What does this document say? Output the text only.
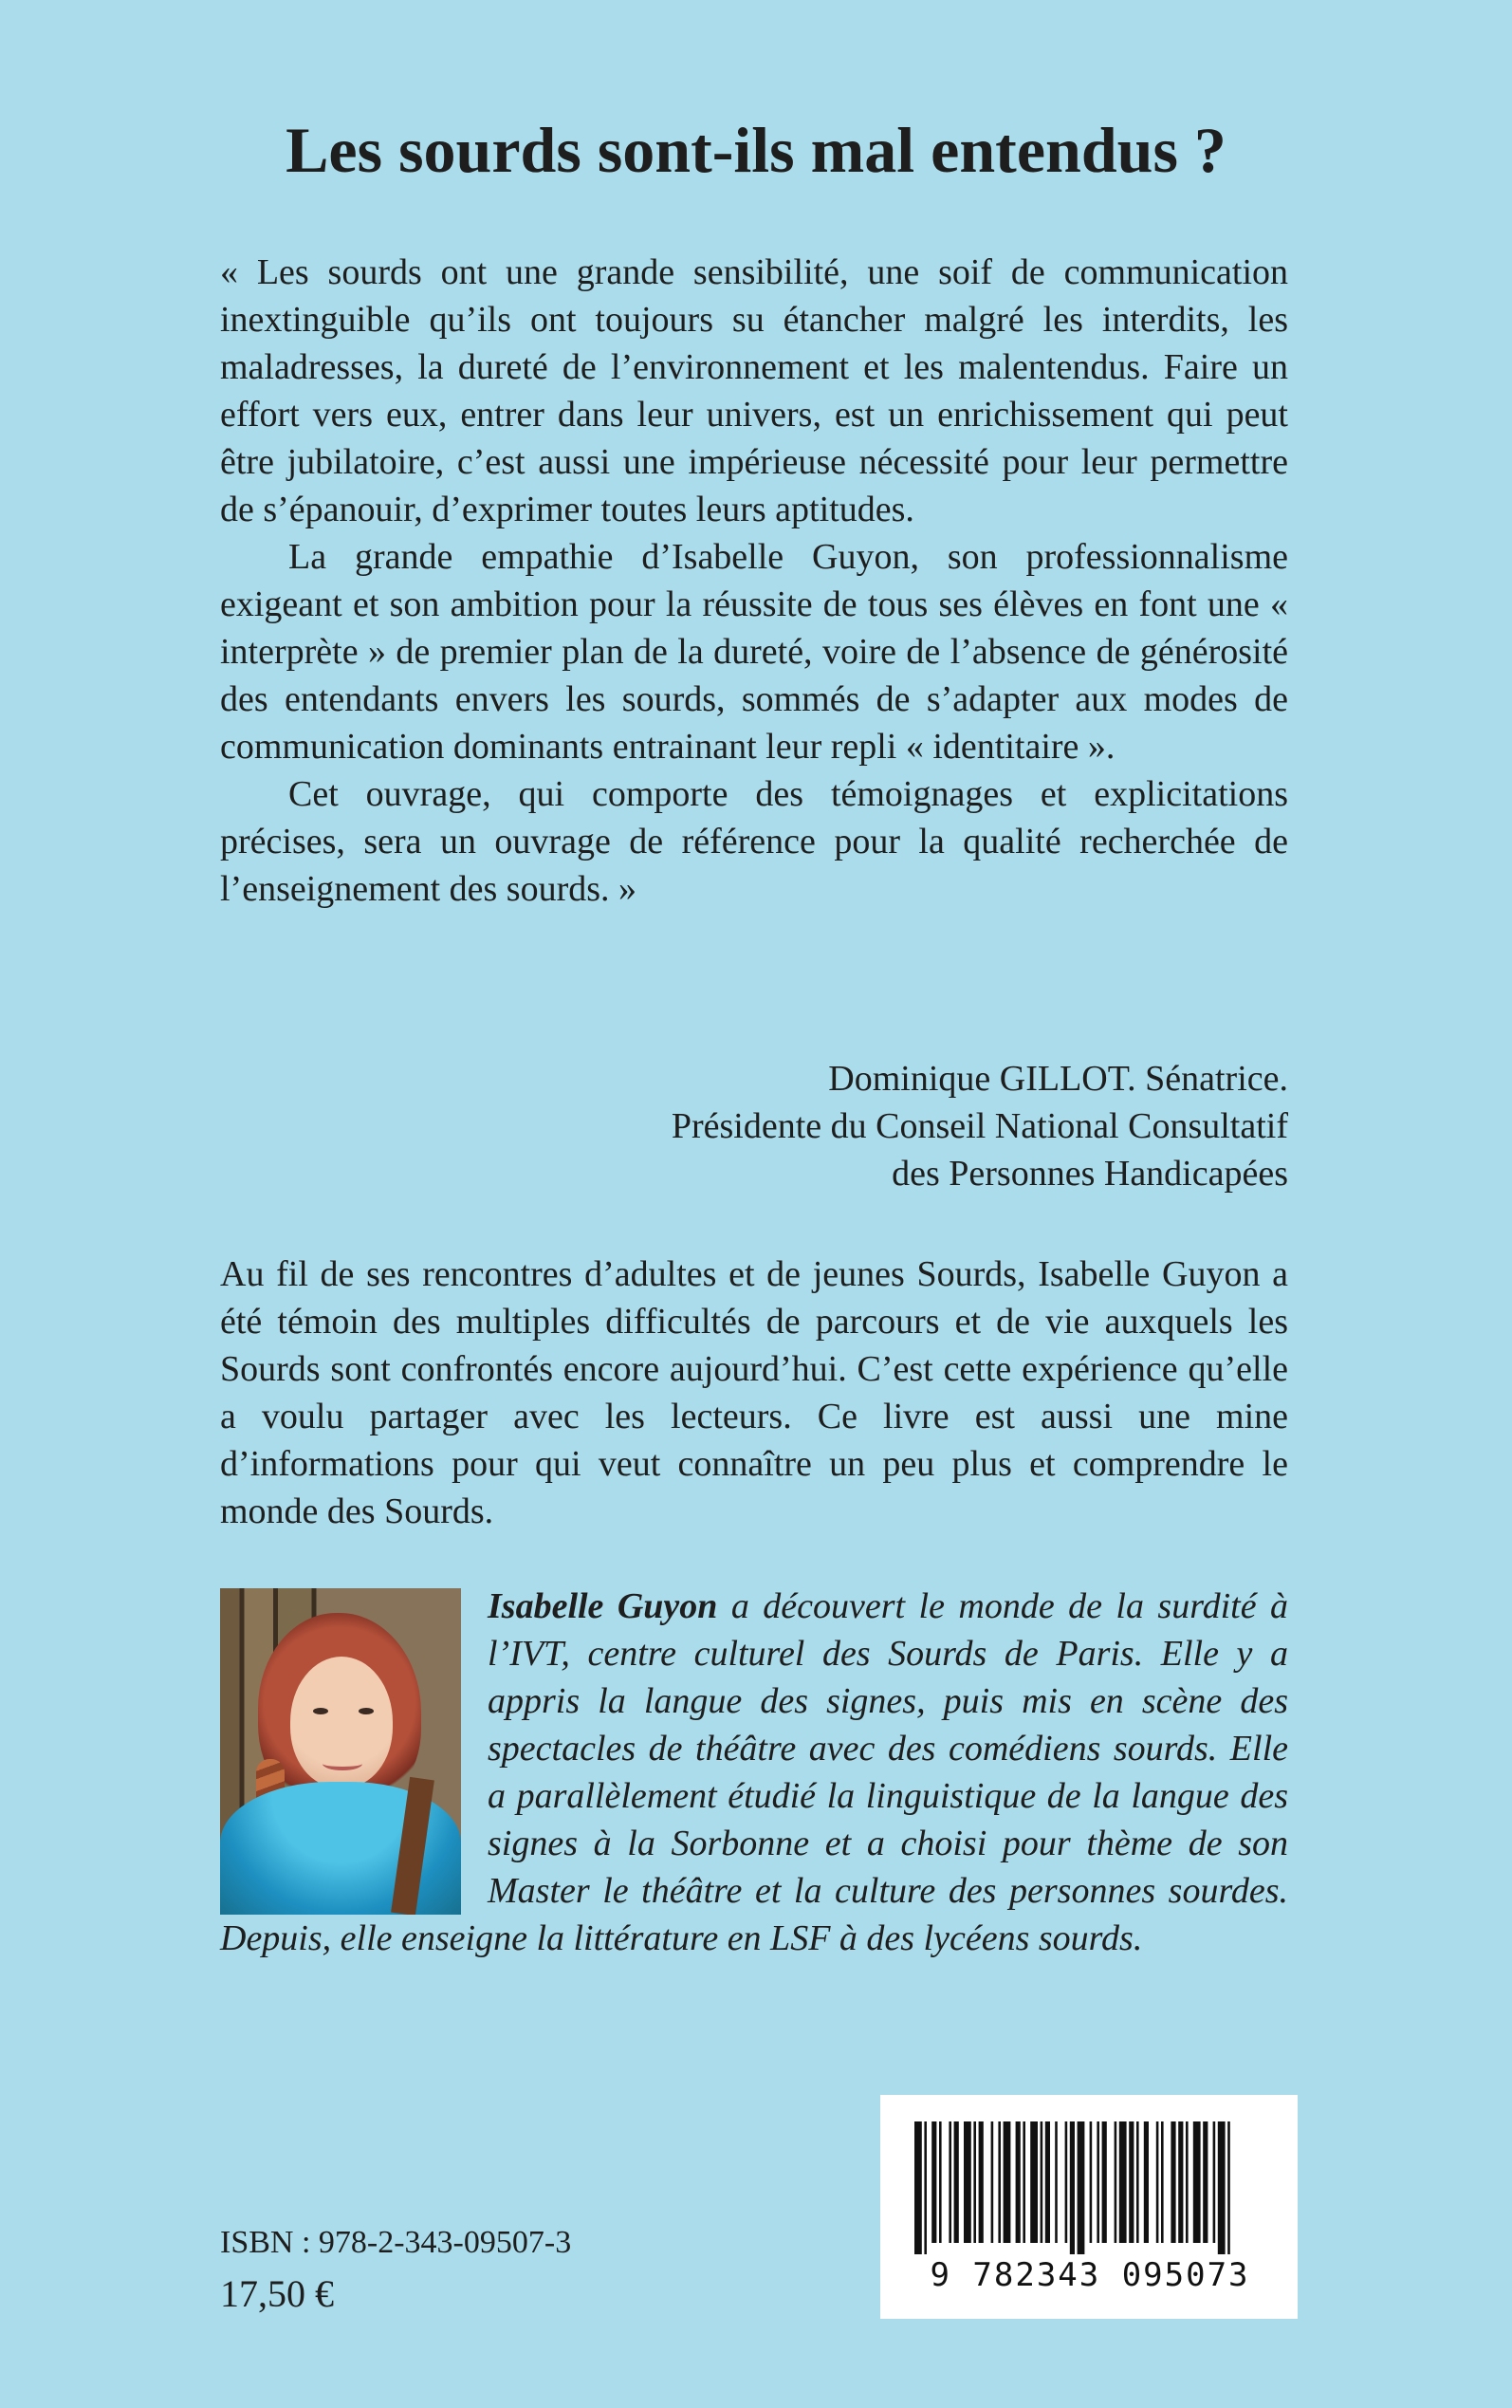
Les sourds sont-ils mal entendus ?

« Les sourds ont une grande sensibilité, une soif de communication inextinguible qu’ils ont toujours su étancher malgré les interdits, les maladresses, la dureté de l’environnement et les malentendus. Faire un effort vers eux, entrer dans leur univers, est un enrichissement qui peut être jubilatoire, c’est aussi une impérieuse nécessité pour leur permettre de s’épanouir, d’exprimer toutes leurs aptitudes.

La grande empathie d’Isabelle Guyon, son professionnalisme exigeant et son ambition pour la réussite de tous ses élèves en font une « interprète » de premier plan de la dureté, voire de l’absence de générosité des entendants envers les sourds, sommés de s’adapter aux modes de communication dominants entrainant leur repli « identitaire ».

Cet ouvrage, qui comporte des témoignages et explicitations précises, sera un ouvrage de référence pour la qualité recherchée de l’enseignement des sourds. »

Dominique GILLOT. Sénatrice.
Présidente du Conseil National Consultatif
des Personnes Handicapées

Au fil de ses rencontres d’adultes et de jeunes Sourds, Isabelle Guyon a été témoin des multiples difficultés de parcours et de vie auxquels les Sourds sont confrontés encore aujourd’hui. C’est cette expérience qu’elle a voulu partager avec les lecteurs. Ce livre est aussi une mine d’informations pour qui veut connaître un peu plus et comprendre le monde des Sourds.

Isabelle Guyon a découvert le monde de la surdité à l’IVT, centre culturel des Sourds de Paris. Elle y a appris la langue des signes, puis mis en scène des spectacles de théâtre avec des comédiens sourds. Elle a parallèlement étudié la linguistique de la langue des signes à la Sorbonne et a choisi pour thème de son Master le théâtre et la culture des personnes sourdes. Depuis, elle enseigne la littérature en LSF à des lycéens sourds.

ISBN : 978-2-343-09507-3
17,50 €	9 782343 095073
